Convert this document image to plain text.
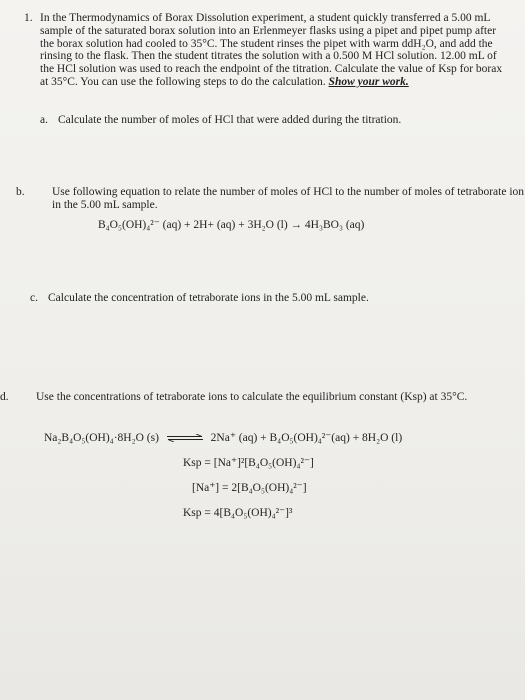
1. In the Thermodynamics of Borax Dissolution experiment, a student quickly transferred a 5.00 mL sample of the saturated borax solution into an Erlenmeyer flasks using a pipet and pipet pump after the borax solution had cooled to 35°C. The student rinses the pipet with warm ddH₂O, and add the rinsing to the flask. Then the student titrates the solution with a 0.500 M HCl solution. 12.00 mL of the HCl solution was used to reach the endpoint of the titration. Calculate the value of Ksp for borax at 35°C. You can use the following steps to do the calculation. Show your work.
a. Calculate the number of moles of HCl that were added during the titration.
b. Use following equation to relate the number of moles of HCl to the number of moles of tetraborate ion in the 5.00 mL sample.
B₄O₅(OH)₄²⁻ (aq) + 2H+ (aq) + 3H₂O (l) → 4H₃BO₃ (aq)
c. Calculate the concentration of tetraborate ions in the 5.00 mL sample.
d. Use the concentrations of tetraborate ions to calculate the equilibrium constant (Ksp) at 35°C.
Na₂B₄O₅(OH)₄·8H₂O (s) ⇌ 2Na⁺ (aq) + B₄O₅(OH)₄²⁻(aq) + 8H₂O (l)
Ksp = [Na⁺]²[B₄O₅(OH)₄²⁻]
[Na⁺] = 2[B₄O₅(OH)₄²⁻]
Ksp = 4[B₄O₅(OH)₄²⁻]³
